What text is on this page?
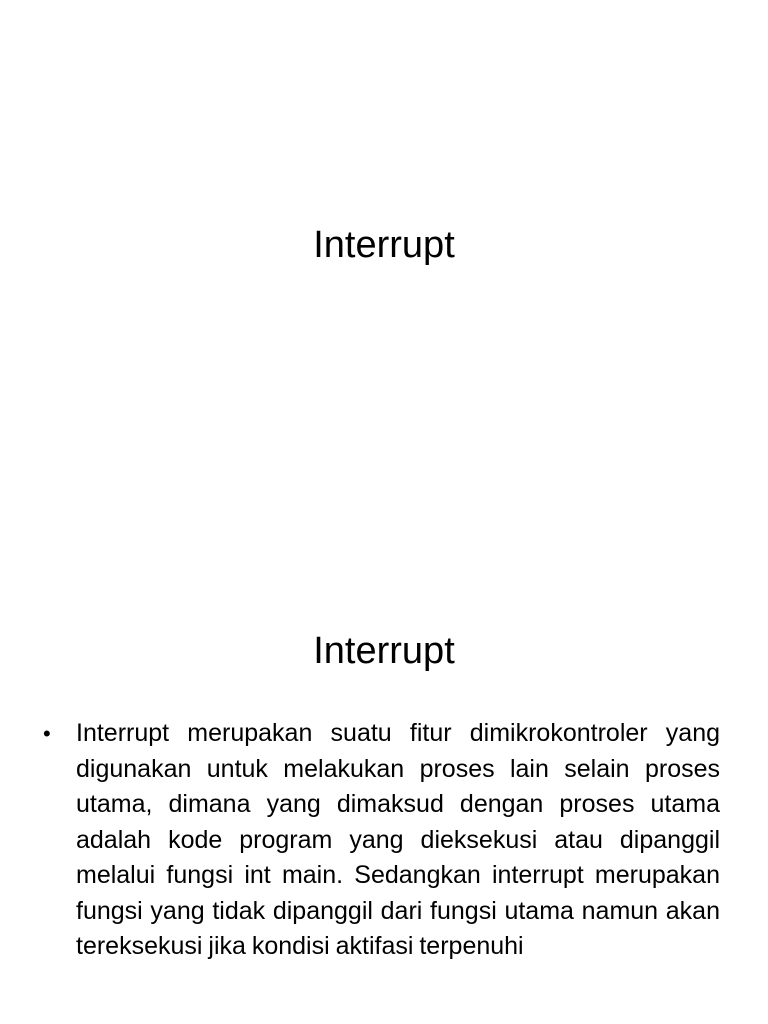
Interrupt
Interrupt
• Interrupt merupakan suatu fitur dimikrokontroler yang digunakan untuk melakukan proses lain selain proses utama, dimana yang dimaksud dengan proses utama adalah kode program yang dieksekusi atau dipanggil melalui fungsi int main. Sedangkan interrupt merupakan fungsi yang tidak dipanggil dari fungsi utama namun akan tereksekusi jika kondisi aktifasi terpenuhi
